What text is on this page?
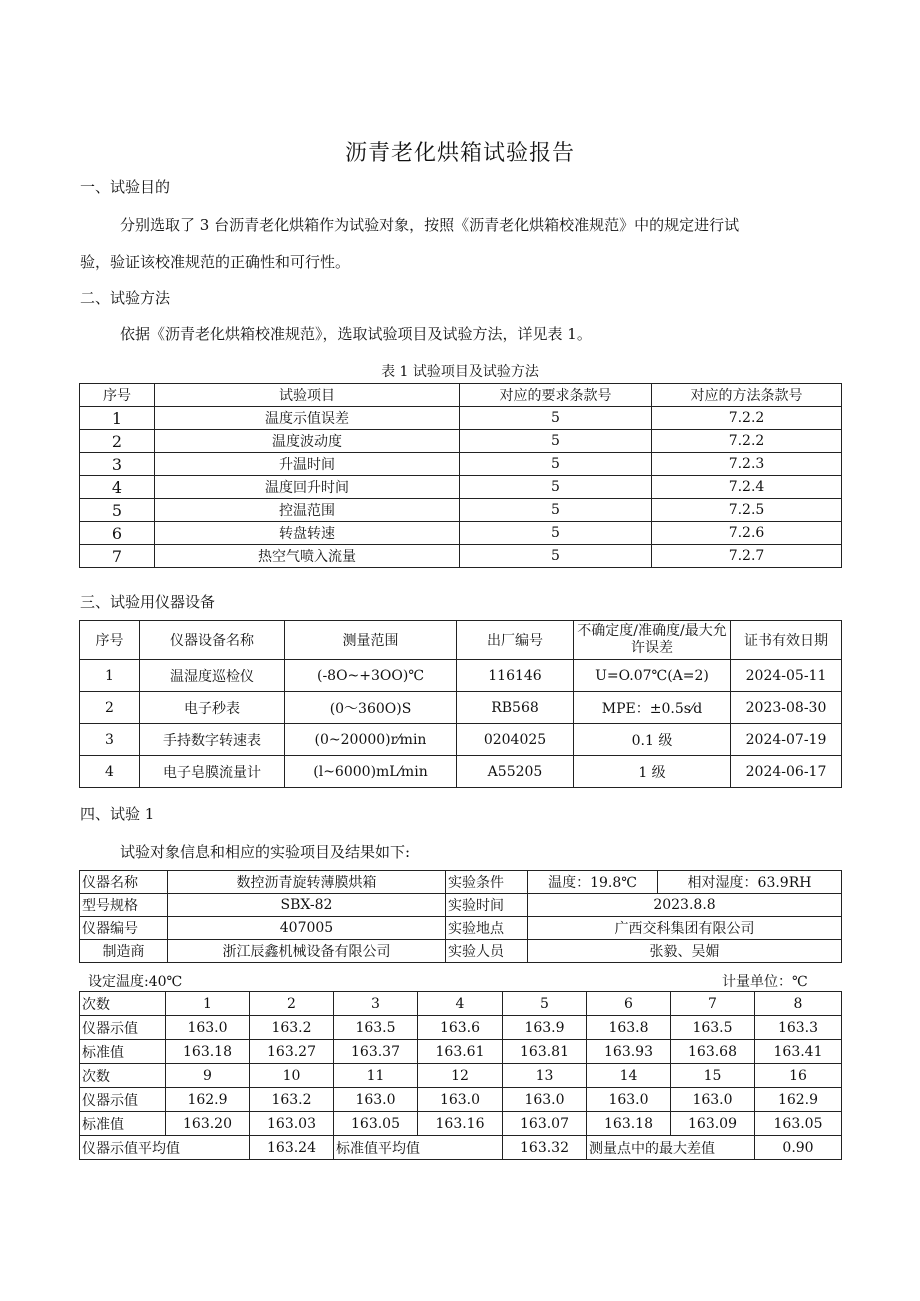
沥青老化烘箱试验报告
一、试验目的
分别选取了 3 台沥青老化烘箱作为试验对象，按照《沥青老化烘箱校准规范》中的规定进行试
验，验证该校准规范的正确性和可行性。
二、试验方法
依据《沥青老化烘箱校准规范》，选取试验项目及试验方法，详见表 1。
表 1 试验项目及试验方法
序号	试验项目	对应的要求条款号	对应的方法条款号
1	温度示值误差	5	7.2.2
2	温度波动度	5	7.2.2
3	升温时间	5	7.2.3
4	温度回升时间	5	7.2.4
5	控温范围	5	7.2.5
6	转盘转速	5	7.2.6
7	热空气喷入流量	5	7.2.7
三、试验用仪器设备
序号	仪器设备名称	测量范围	出厂编号	不确定度/准确度/最大允许误差	证书有效日期
1	温湿度巡检仪	(-8O~+3OO)℃	116146	U=O.07℃(A=2)	2024-05-11
2	电子秒表	(0～360O)S	RB568	MPE：±0.5s⁄d	2023-08-30
3	手持数字转速表	(0~20000)r⁄min	0204025	0.1 级	2024-07-19
4	电子皂膜流量计	(l~6000)mL⁄min	A55205	1 级	2024-06-17
四、试验 1
试验对象信息和相应的实验项目及结果如下:
仪器名称	数控沥青旋转薄膜烘箱	实验条件	温度：19.8℃	相对湿度：63.9RH
型号规格	SBX-82	实验时间	2023.8.8	
仪器编号	407005	实验地点	广西交科集团有限公司	
制造商	浙江辰鑫机械设备有限公司	实验人员	张毅、吴媚	
设定温度:40℃	计量单位：℃
次数	1	2	3	4	5	6	7	8
仪器示值	163.0	163.2	163.5	163.6	163.9	163.8	163.5	163.3
标准值	163.18	163.27	163.37	163.61	163.81	163.93	163.68	163.41
次数	9	10	11	12	13	14	15	16
仪器示值	162.9	163.2	163.0	163.0	163.0	163.0	163.0	162.9
标准值	163.20	163.03	163.05	163.16	163.07	163.18	163.09	163.05
仪器示值平均值		163.24	标准值平均值		163.32	测量点中的最大差值		0.90
